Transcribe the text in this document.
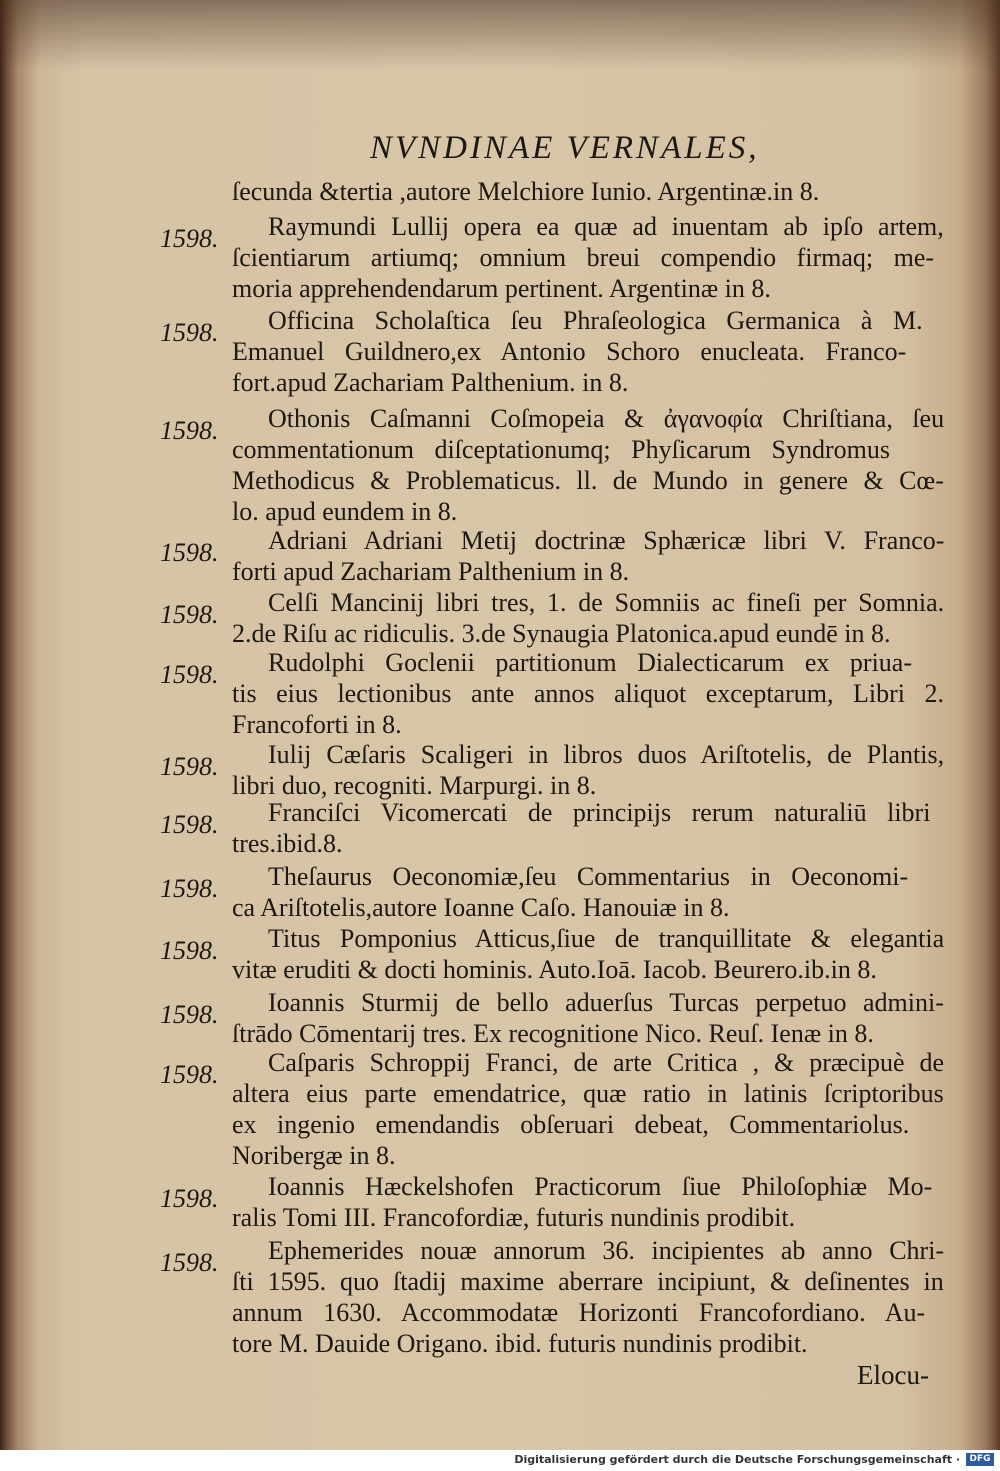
NVNDINAE VERNALES,
ſecunda &tertia ,autore Melchiore Iunio. Argentinæ.in 8.
1598. Raymundi Lullij opera ea quæ ad inuentam ab ipſo artem,
ſcientiarum artiumq; omnium breui compendio firmaq; me-
moria apprehendendarum pertinent. Argentinæ in 8.
1598. Officina Scholaſtica ſeu Phraſeologica Germanica à M.
Emanuel Guildnero,ex Antonio Schoro enucleata. Franco-
fort.apud Zachariam Palthenium. in 8.
1598. Othonis Caſmanni Coſmopeia & ἀγανοφία Chriſtiana, ſeu
commentationum diſceptationumq; Phyſicarum Syndromus
Methodicus & Problematicus. ll. de Mundo in genere & Cœ-
lo. apud eundem in 8.
1598. Adriani Adriani Metij doctrinæ Sphæricæ libri V. Franco-
forti apud Zachariam Palthenium in 8.
1598. Celſi Mancinij libri tres, 1. de Somniis ac fineſi per Somnia.
2.de Riſu ac ridiculis. 3.de Synaugia Platonica.apud eundē in 8.
1598. Rudolphi Goclenii partitionum Dialecticarum ex priua-
tis eius lectionibus ante annos aliquot exceptarum, Libri 2.
Francoforti in 8.
1598. Iulij Cæſaris Scaligeri in libros duos Ariſtotelis, de Plantis,
libri duo, recogniti. Marpurgi. in 8.
1598. Franciſci Vicomercati de principijs rerum naturaliū libri
tres.ibid.8.
1598. Theſaurus Oeconomiæ,ſeu Commentarius in Oeconomi-
ca Ariſtotelis,autore Ioanne Caſo. Hanouiæ in 8.
1598. Titus Pomponius Atticus,ſiue de tranquillitate & elegantia
vitæ eruditi & docti hominis. Auto.Ioā. Iacob. Beurero.ib.in 8.
1598. Ioannis Sturmij de bello aduerſus Turcas perpetuo admini-
ſtrādo Cōmentarij tres. Ex recognitione Nico. Reuſ. Ienæ in 8.
1598. Caſparis Schroppij Franci, de arte Critica , & præcipuè de
altera eius parte emendatrice, quæ ratio in latinis ſcriptoribus
ex ingenio emendandis obſeruari debeat, Commentariolus.
Noribergæ in 8.
1598. Ioannis Hæckelshofen Practicorum ſiue Philoſophiæ Mo-
ralis Tomi III. Francofordiæ, futuris nundinis prodibit.
1598. Ephemerides nouæ annorum 36. incipientes ab anno Chri-
ſti 1595. quo ſtadij maxime aberrare incipiunt, & deſinentes in
annum 1630. Accommodatæ Horizonti Francofordiano. Au-
tore M. Dauide Origano. ibid. futuris nundinis prodibit.
Elocu-
Digitalisierung gefördert durch die Deutsche Forschungsgemeinschaft ·	DFG
